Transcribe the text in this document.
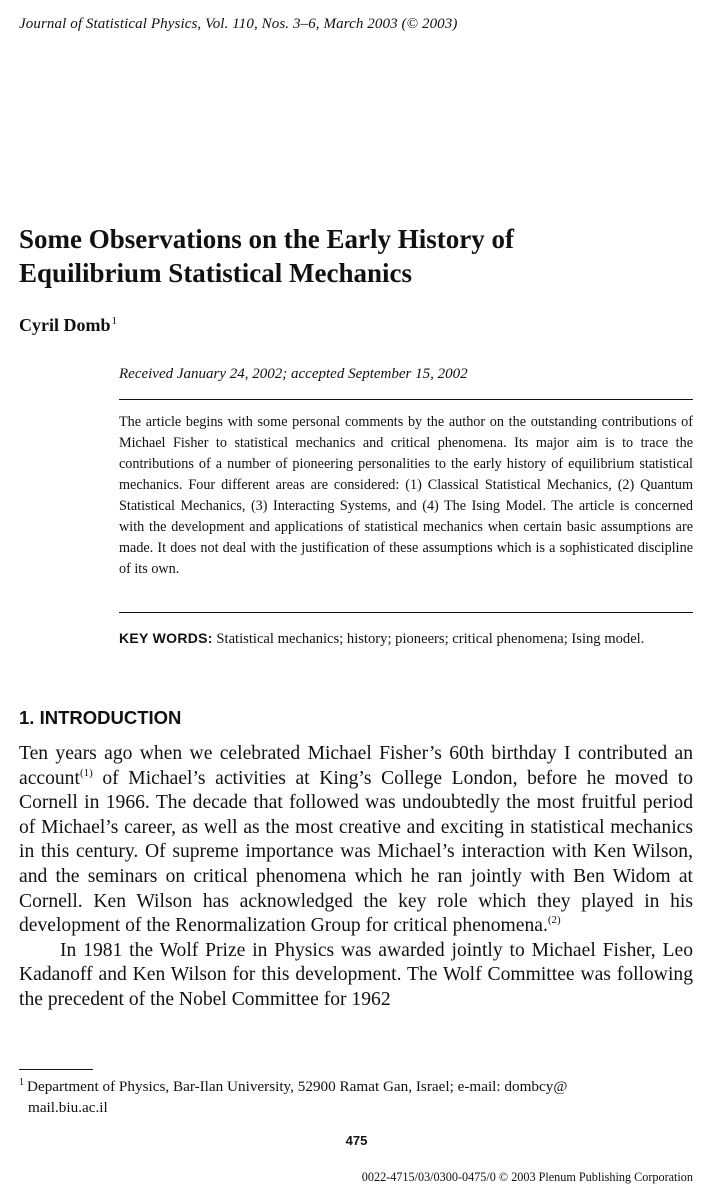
Journal of Statistical Physics, Vol. 110, Nos. 3–6, March 2003 (© 2003)
Some Observations on the Early History of
Equilibrium Statistical Mechanics
Cyril Domb$^1$
Received January 24, 2002; accepted September 15, 2002

The article begins with some personal comments by the author on the outstanding contributions of Michael Fisher to statistical mechanics and critical phenomena. Its major aim is to trace the contributions of a number of pioneering personalities to the early history of equilibrium statistical mechanics. Four different areas are considered: (1) Classical Statistical Mechanics, (2) Quantum Statistical Mechanics, (3) Interacting Systems, and (4) The Ising Model. The article is concerned with the development and applications of statistical mechanics when certain basic assumptions are made. It does not deal with the justification of these assumptions which is a sophisticated discipline of its own.

KEY WORDS: Statistical mechanics; history; pioneers; critical phenomena; Ising model.

1. INTRODUCTION

Ten years ago when we celebrated Michael Fisher’s 60th birthday I contributed an account$^{(1)}$ of Michael’s activities at King’s College London, before he moved to Cornell in 1966. The decade that followed was undoubtedly the most fruitful period of Michael’s career, as well as the most creative and exciting in statistical mechanics in this century. Of supreme importance was Michael’s interaction with Ken Wilson, and the seminars on critical phenomena which he ran jointly with Ben Widom at Cornell. Ken Wilson has acknowledged the key role which they played in his development of the Renormalization Group for critical phenomena.$^{(2)}$

In 1981 the Wolf Prize in Physics was awarded jointly to Michael Fisher, Leo Kadanoff and Ken Wilson for this development. The Wolf Committee was following the precedent of the Nobel Committee for 1962

$^1$ Department of Physics, Bar-Ilan University, 52900 Ramat Gan, Israel; e-mail: dombcy@
mail.biu.ac.il

475
0022-4715/03/0300-0475/0 © 2003 Plenum Publishing Corporation
